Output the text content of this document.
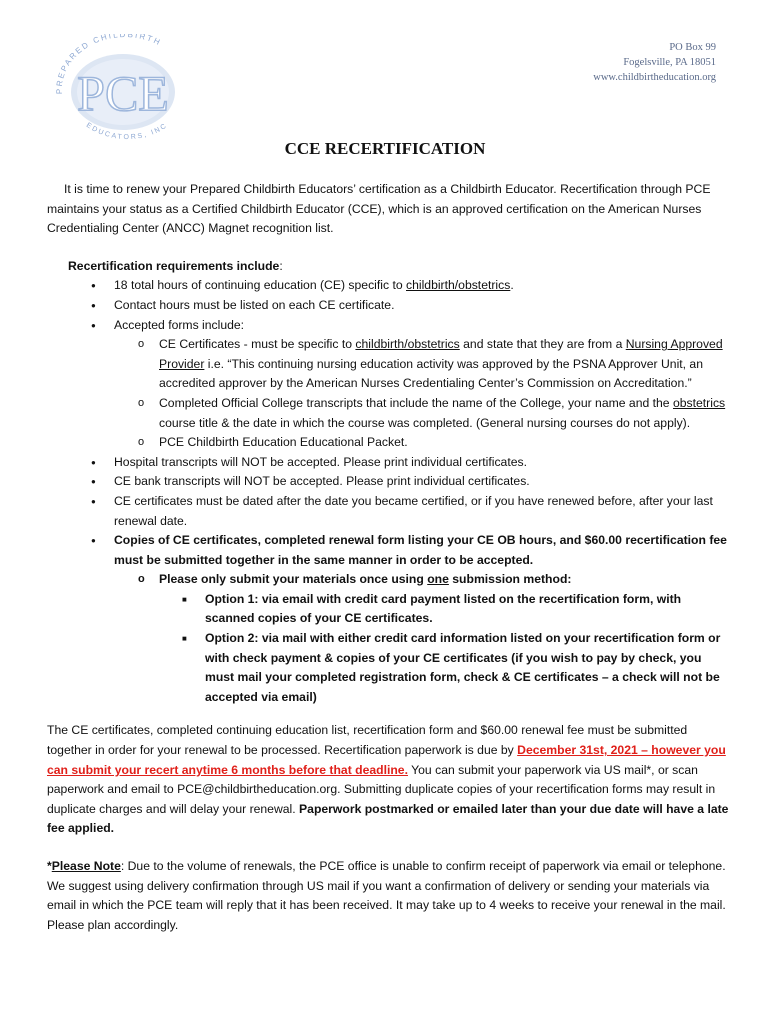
PREPARED CHILDBIRTH
EDUCATORS, INC
PCE
PO Box 99
Fogelsville, PA 18051
www.childbirtheducation.org
CCE RECERTIFICATION

It is time to renew your Prepared Childbirth Educators’ certification as a Childbirth Educator. Recertification through PCE maintains your status as a Certified Childbirth Educator (CCE), which is an approved certification on the American Nurses Credentialing Center (ANCC) Magnet recognition list.

Recertification requirements include:

● 18 total hours of continuing education (CE) specific to childbirth/obstetrics.
● Contact hours must be listed on each CE certificate.
● Accepted forms include:
o CE Certificates - must be specific to childbirth/obstetrics and state that they are from a Nursing Approved Provider i.e. “This continuing nursing education activity was approved by the PSNA Approver Unit, an accredited approver by the American Nurses Credentialing Center’s Commission on Accreditation.”
o Completed Official College transcripts that include the name of the College, your name and the obstetrics course title & the date in which the course was completed. (General nursing courses do not apply).
o PCE Childbirth Education Educational Packet.
● Hospital transcripts will NOT be accepted. Please print individual certificates.
● CE bank transcripts will NOT be accepted. Please print individual certificates.
● CE certificates must be dated after the date you became certified, or if you have renewed before, after your last renewal date.
● Copies of CE certificates, completed renewal form listing your CE OB hours, and $60.00 recertification fee must be submitted together in the same manner in order to be accepted.
o Please only submit your materials once using one submission method:
■ Option 1: via email with credit card payment listed on the recertification form, with scanned copies of your CE certificates.
■ Option 2: via mail with either credit card information listed on your recertification form or with check payment & copies of your CE certificates (if you wish to pay by check, you must mail your completed registration form, check & CE certificates – a check will not be accepted via email)

The CE certificates, completed continuing education list, recertification form and $60.00 renewal fee must be submitted together in order for your renewal to be processed. Recertification paperwork is due by December 31st, 2021 – however you can submit your recert anytime 6 months before that deadline. You can submit your paperwork via US mail*, or scan paperwork and email to PCE@childbirtheducation.org. Submitting duplicate copies of your recertification forms may result in duplicate charges and will delay your renewal. Paperwork postmarked or emailed later than your due date will have a late fee applied.

*Please Note: Due to the volume of renewals, the PCE office is unable to confirm receipt of paperwork via email or telephone. We suggest using delivery confirmation through US mail if you want a confirmation of delivery or sending your materials via email in which the PCE team will reply that it has been received. It may take up to 4 weeks to receive your renewal in the mail. Please plan accordingly.
